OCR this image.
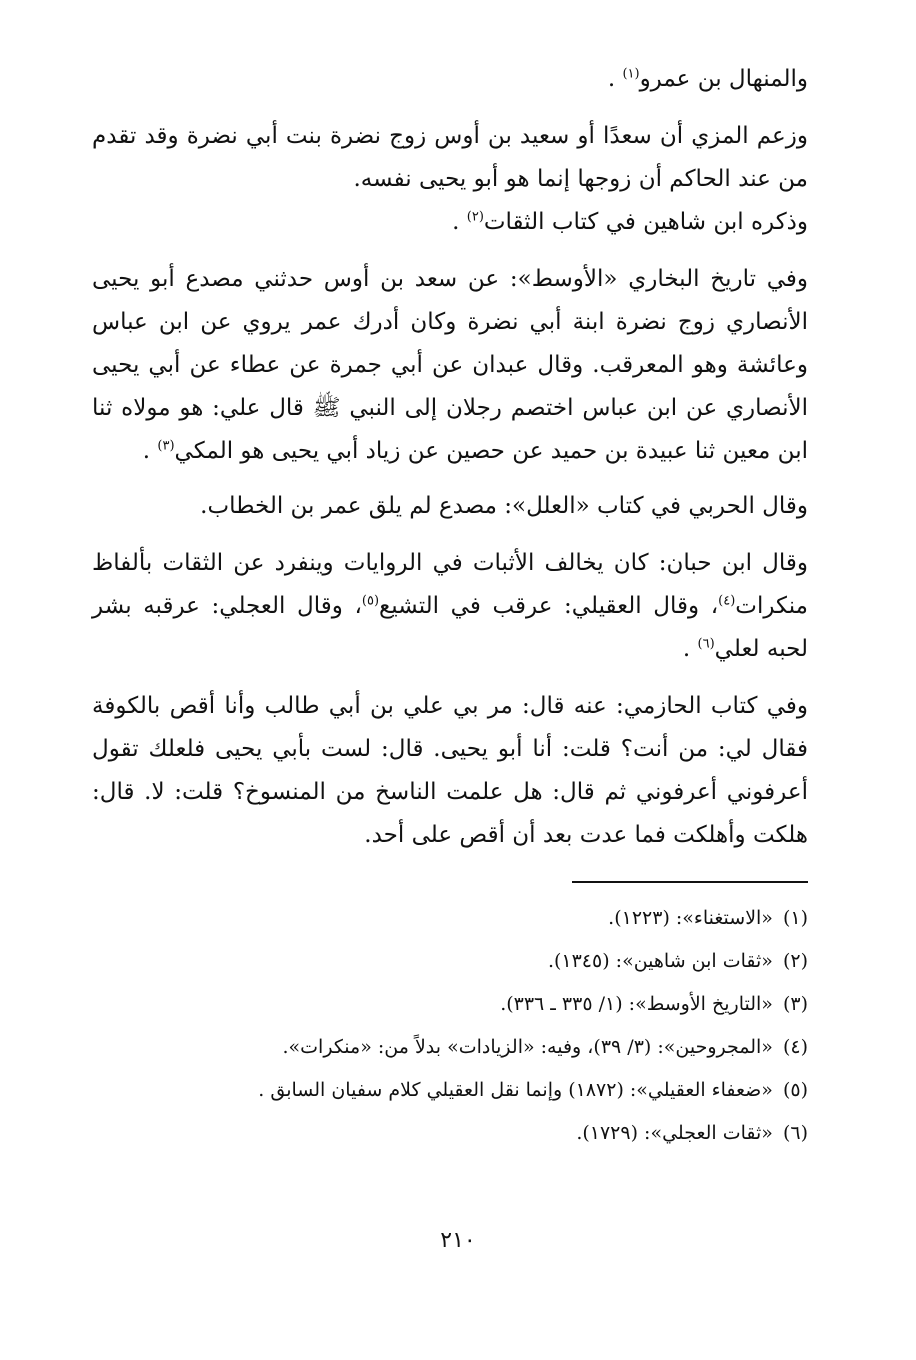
والمنهال بن عمرو$^{(١)}$ .

وزعم المزي أن سعدًا أو سعيد بن أوس زوج نضرة بنت أبي نضرة وقد تقدم من عند الحاكم أن زوجها إنما هو أبو يحيى نفسه.

وذكره ابن شاهين في كتاب الثقات$^{(٢)}$ .

وفي تاريخ البخاري «الأوسط»: عن سعد بن أوس حدثني مصدع أبو يحيى الأنصاري زوج نضرة ابنة أبي نضرة وكان أدرك عمر يروي عن ابن عباس وعائشة وهو المعرقب. وقال عبدان عن أبي جمرة عن عطاء عن أبي يحيى الأنصاري عن ابن عباس اختصم رجلان إلى النبي ﷺ قال علي: هو مولاه ثنا ابن معين ثنا عبيدة بن حميد عن حصين عن زياد أبي يحيى هو المكي$^{(٣)}$ .

وقال الحربي في كتاب «العلل»: مصدع لم يلق عمر بن الخطاب.

وقال ابن حبان: كان يخالف الأثبات في الروايات وينفرد عن الثقات بألفاظ منكرات$^{(٤)}$، وقال العقيلي: عرقب في التشيع$^{(٥)}$، وقال العجلي: عرقبه بشر لحبه لعلي$^{(٦)}$ .

وفي كتاب الحازمي: عنه قال: مر بي علي بن أبي طالب وأنا أقص بالكوفة فقال لي: من أنت؟ قلت: أنا أبو يحيى. قال: لست بأبي يحيى فلعلك تقول أعرفوني أعرفوني ثم قال: هل علمت الناسخ من المنسوخ؟ قلت: لا. قال: هلكت وأهلكت فما عدت بعد أن أقص على أحد.

(١)«الاستغناء»: (١٢٢٣).
(٢)«ثقات ابن شاهين»: (١٣٤٥).
(٣)«التاريخ الأوسط»: (١/ ٣٣٥ ـ ٣٣٦).
(٤)«المجروحين»: (٣/ ٣٩)، وفيه: «الزيادات» بدلاً من: «منكرات».
(٥)«ضعفاء العقيلي»: (١٨٧٢) وإنما نقل العقيلي كلام سفيان السابق .
(٦)«ثقات العجلي»: (١٧٢٩).
٢١٠
